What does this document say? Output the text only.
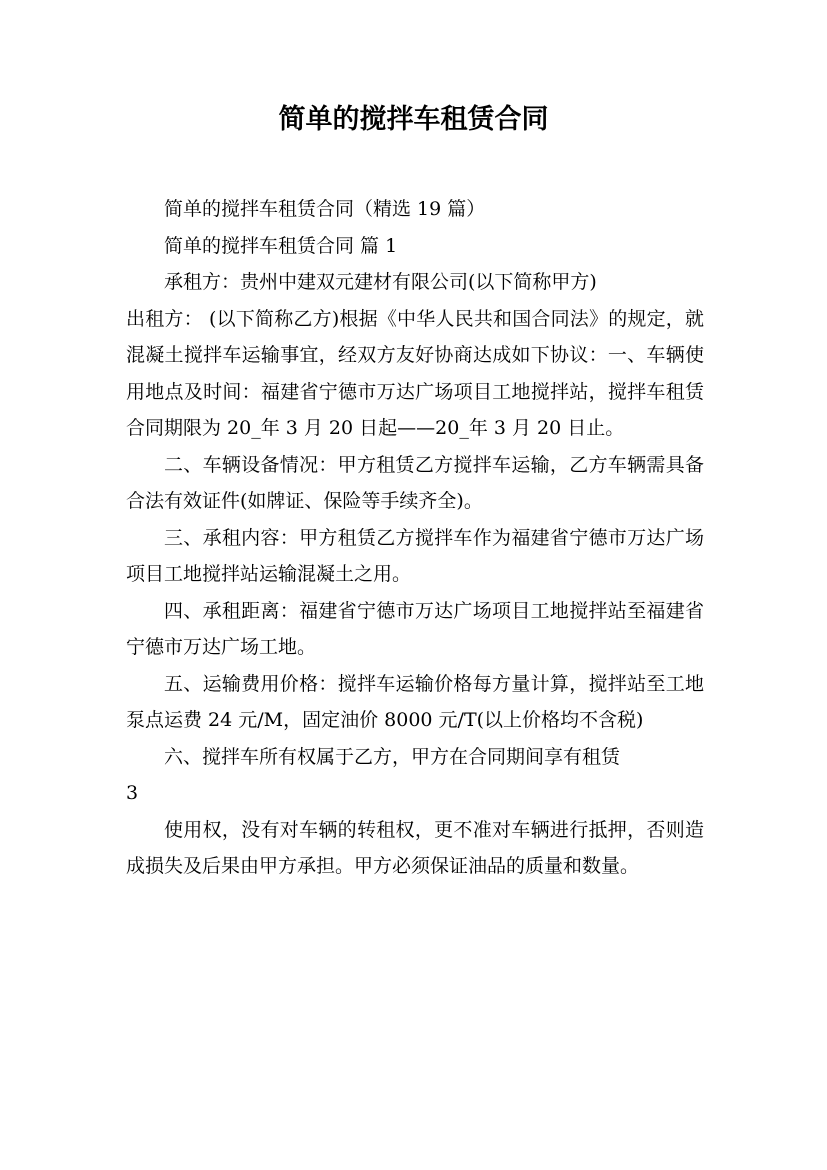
简单的搅拌车租赁合同

简单的搅拌车租赁合同（精选 19 篇）

简单的搅拌车租赁合同 篇 1

承租方：贵州中建双元建材有限公司(以下简称甲方)

出租方： (以下简称乙方)根据《中华人民共和国合同法》的规定，就混凝土搅拌车运输事宜，经双方友好协商达成如下协议：一、车辆使用地点及时间：福建省宁德市万达广场项目工地搅拌站，搅拌车租赁合同期限为 20_年 3 月 20 日起——20_年 3 月 20 日止。

二、车辆设备情况：甲方租赁乙方搅拌车运输，乙方车辆需具备合法有效证件(如牌证、保险等手续齐全)。

三、承租内容：甲方租赁乙方搅拌车作为福建省宁德市万达广场项目工地搅拌站运输混凝土之用。

四、承租距离：福建省宁德市万达广场项目工地搅拌站至福建省宁德市万达广场工地。

五、运输费用价格：搅拌车运输价格每方量计算，搅拌站至工地泵点运费 24 元/M，固定油价 8000 元/T(以上价格均不含税)

六、搅拌车所有权属于乙方，甲方在合同期间享有租赁

3

使用权，没有对车辆的转租权，更不准对车辆进行抵押，否则造成损失及后果由甲方承担。甲方必须保证油品的质量和数量。
